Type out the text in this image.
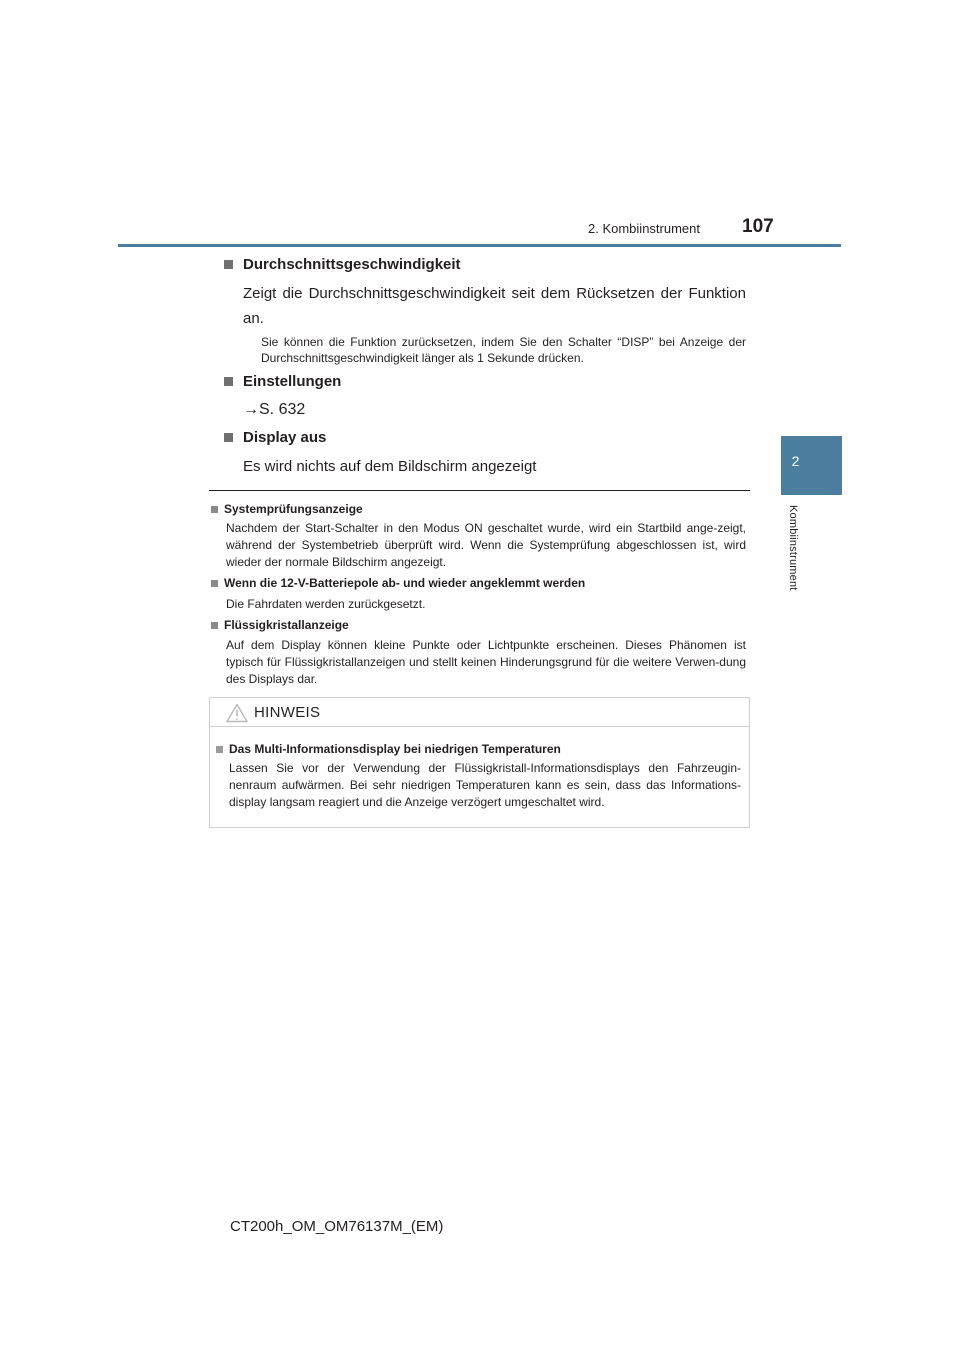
2. Kombiinstrument 107
2
Kombiinstrument
Durchschnittsgeschwindigkeit
Zeigt die Durchschnittsgeschwindigkeit seit dem Rücksetzen der Funktion an.
Sie können die Funktion zurücksetzen, indem Sie den Schalter “DISP” bei Anzeige der Durchschnittsgeschwindigkeit länger als 1 Sekunde drücken.
Einstellungen
→S. 632
Display aus
Es wird nichts auf dem Bildschirm angezeigt
Systemprüfungsanzeige
Nachdem der Start-Schalter in den Modus ON geschaltet wurde, wird ein Startbild ange-zeigt, während der Systembetrieb überprüft wird. Wenn die Systemprüfung abgeschlossen ist, wird wieder der normale Bildschirm angezeigt.
Wenn die 12-V-Batteriepole ab- und wieder angeklemmt werden
Die Fahrdaten werden zurückgesetzt.
Flüssigkristallanzeige
Auf dem Display können kleine Punkte oder Lichtpunkte erscheinen. Dieses Phänomen ist typisch für Flüssigkristallanzeigen und stellt keinen Hinderungsgrund für die weitere Verwen-dung des Displays dar.
HINWEIS
Das Multi-Informationsdisplay bei niedrigen Temperaturen
Lassen Sie vor der Verwendung der Flüssigkristall-Informationsdisplays den Fahrzeugin-nenraum aufwärmen. Bei sehr niedrigen Temperaturen kann es sein, dass das Informations-display langsam reagiert und die Anzeige verzögert umgeschaltet wird.
CT200h_OM_OM76137M_(EM)
